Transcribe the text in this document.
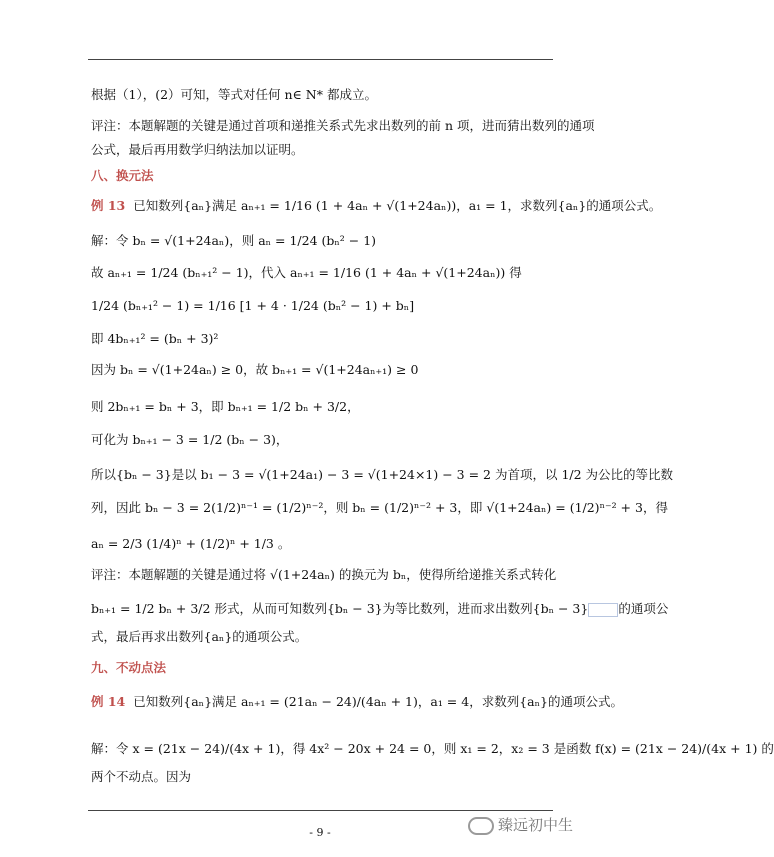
根据（1），(2）可知，等式对任何 n∈ N* 都成立。
评注：本题解题的关键是通过首项和递推关系式先求出数列的前 n 项，进而猜出数列的通项
公式，最后再用数学归纳法加以证明。
八、换元法
例 13 已知数列{aₙ}满足 aₙ₊₁ = 1/16 (1 + 4aₙ + √(1+24aₙ))，a₁ = 1，求数列{aₙ}的通项公式。
解：令 bₙ = √(1+24aₙ)，则 aₙ = 1/24 (bₙ² − 1)
故 aₙ₊₁ = 1/24 (bₙ₊₁² − 1)，代入 aₙ₊₁ = 1/16 (1 + 4aₙ + √(1+24aₙ)) 得
1/24 (bₙ₊₁² − 1) = 1/16 [1 + 4 · 1/24 (bₙ² − 1) + bₙ]
即 4bₙ₊₁² = (bₙ + 3)²
因为 bₙ = √(1+24aₙ) ≥ 0，故 bₙ₊₁ = √(1+24aₙ₊₁) ≥ 0
则 2bₙ₊₁ = bₙ + 3，即 bₙ₊₁ = 1/2 bₙ + 3/2，
可化为 bₙ₊₁ − 3 = 1/2 (bₙ − 3)，
所以{bₙ − 3}是以 b₁ − 3 = √(1+24a₁) − 3 = √(1+24×1) − 3 = 2 为首项，以 1/2 为公比的等比数
列，因此 bₙ − 3 = 2(1/2)ⁿ⁻¹ = (1/2)ⁿ⁻²，则 bₙ = (1/2)ⁿ⁻² + 3，即 √(1+24aₙ) = (1/2)ⁿ⁻² + 3，得
aₙ = 2/3 (1/4)ⁿ + (1/2)ⁿ + 1/3 。
评注：本题解题的关键是通过将 √(1+24aₙ) 的换元为 bₙ，使得所给递推关系式转化
bₙ₊₁ = 1/2 bₙ + 3/2 形式，从而可知数列{bₙ − 3}为等比数列，进而求出数列{bₙ − 3} 的通项公
式，最后再求出数列{aₙ}的通项公式。
九、不动点法
例 14 已知数列{aₙ}满足 aₙ₊₁ = (21aₙ − 24)/(4aₙ + 1)，a₁ = 4，求数列{aₙ}的通项公式。
解：令 x = (21x − 24)/(4x + 1)，得 4x² − 20x + 24 = 0，则 x₁ = 2，x₂ = 3 是函数 f(x) = (21x − 24)/(4x + 1) 的
两个不动点。因为
臻远初中生
- 9 -
